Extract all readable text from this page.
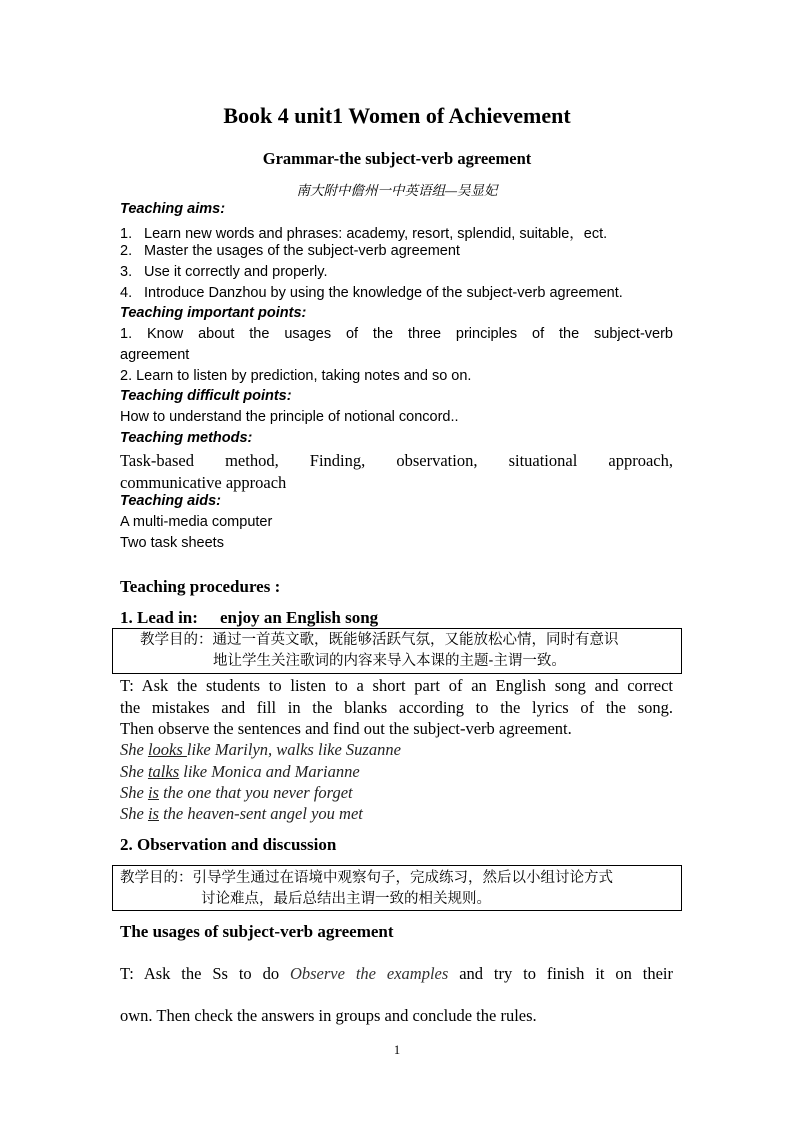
Book 4 unit1 Women of Achievement
Grammar-the subject-verb agreement
南大附中儋州一中英语组—吴显妃
Teaching aims:
1. Learn new words and phrases: academy, resort, splendid, suitable，ect.
2. Master the usages of the subject-verb agreement
3. Use it correctly and properly.
4. Introduce Danzhou by using the knowledge of the subject-verb agreement.
Teaching important points:
1. Know about the usages of the three principles of the subject-verb
agreement
2. Learn to listen by prediction, taking notes and so on.
Teaching difficult points:
How to understand the principle of notional concord..
Teaching methods:
Task-based method, Finding, observation, situational approach,
communicative approach
Teaching aids:
A multi-media computer
Two task sheets
Teaching procedures :
1. Lead in: enjoy an English song
教学目的：通过一首英文歌，既能够活跃气氛，又能放松心情，同时有意识
地让学生关注歌词的内容来导入本课的主题-主谓一致。
T: Ask the students to listen to a short part of an English song and correct
the mistakes and fill in the blanks according to the lyrics of the song.
Then observe the sentences and find out the subject-verb agreement.
She looks like Marilyn, walks like Suzanne
She talks like Monica and Marianne
She is the one that you never forget
She is the heaven-sent angel you met
2. Observation and discussion
教学目的：引导学生通过在语境中观察句子，完成练习，然后以小组讨论方式
讨论难点，最后总结出主谓一致的相关规则。
The usages of subject-verb agreement
T: Ask the Ss to do Observe the examples and try to finish it on their
own. Then check the answers in groups and conclude the rules.
1
